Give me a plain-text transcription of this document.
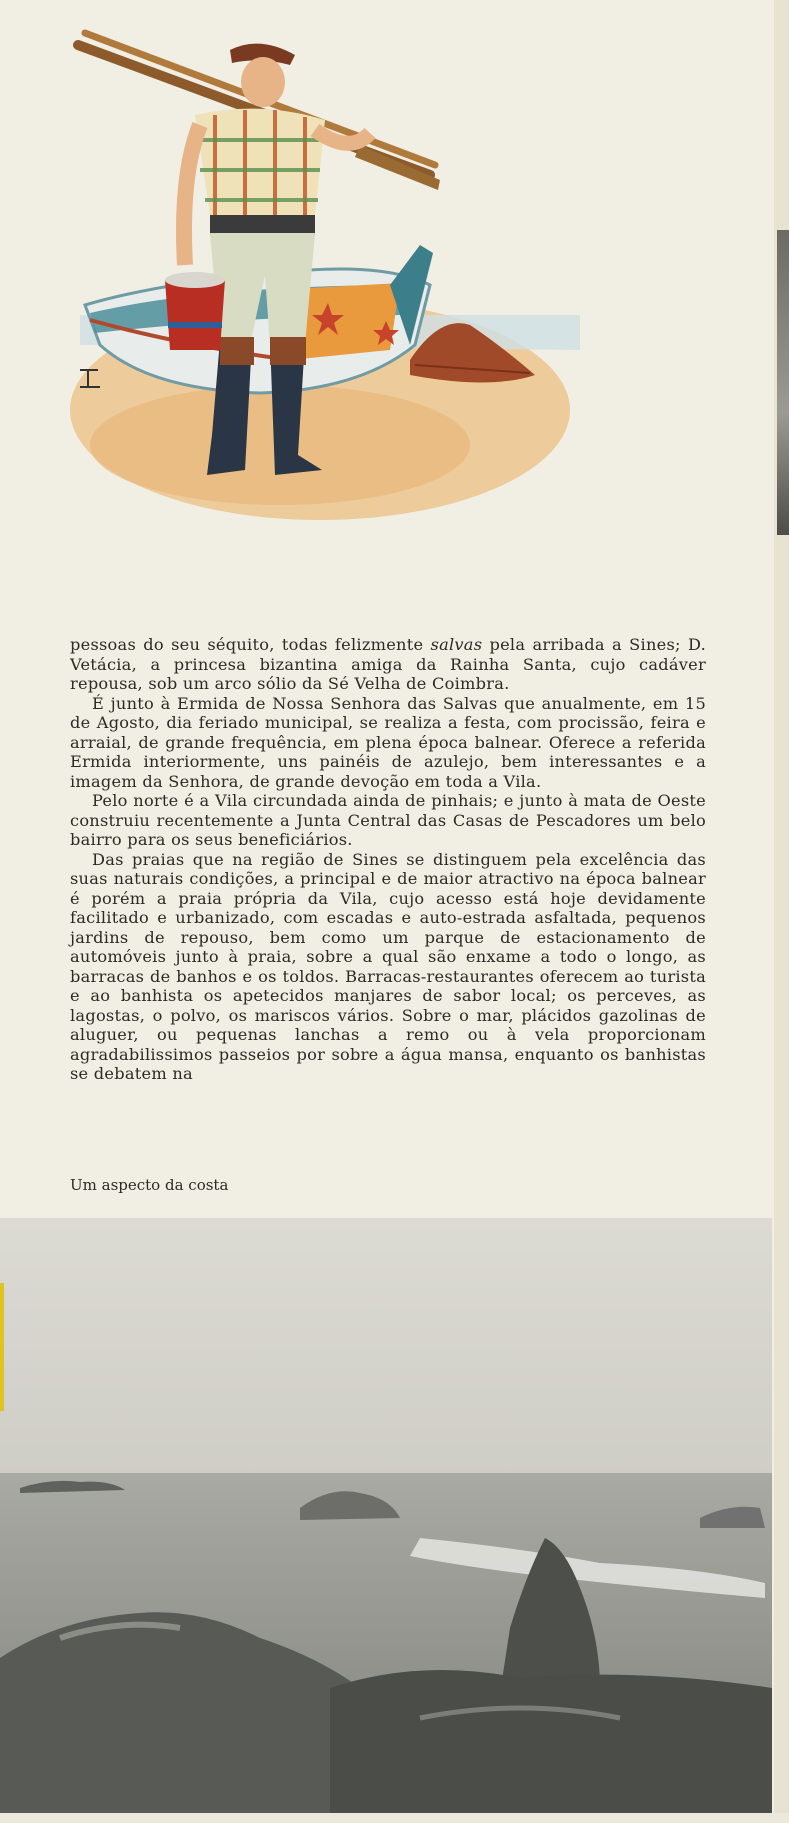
pessoas do seu séquito, todas felizmente salvas pela arribada a Sines; D. Vetácia, a princesa bizantina amiga da Rainha Santa, cujo cadáver repousa, sob um arco sólio da Sé Velha de Coimbra.

É junto à Ermida de Nossa Senhora das Salvas que anualmente, em 15 de Agosto, dia feriado municipal, se realiza a festa, com procissão, feira e arraial, de grande frequência, em plena época balnear. Oferece a referida Ermida interiormente, uns painéis de azulejo, bem interessantes e a imagem da Senhora, de grande devoção em toda a Vila.

Pelo norte é a Vila circundada ainda de pinhais; e junto à mata de Oeste construiu recentemente a Junta Central das Casas de Pescadores um belo bairro para os seus beneficiários.

Das praias que na região de Sines se distinguem pela excelência das suas naturais condições, a principal e de maior atractivo na época balnear é porém a praia própria da Vila, cujo acesso está hoje devidamente facilitado e urbanizado, com escadas e auto-estrada asfaltada, pequenos jardins de repouso, bem como um parque de estacionamento de automóveis junto à praia, sobre a qual são enxame a todo o longo, as barracas de banhos e os toldos. Barracas-restaurantes oferecem ao turista e ao banhista os apetecidos manjares de sabor local; os perceves, as lagostas, o polvo, os mariscos vários. Sobre o mar, plácidos gazolinas de aluguer, ou pequenas lanchas a remo ou à vela proporcionam agradabilissimos passeios por sobre a água mansa, enquanto os banhistas se debatem na

Um aspecto da costa
